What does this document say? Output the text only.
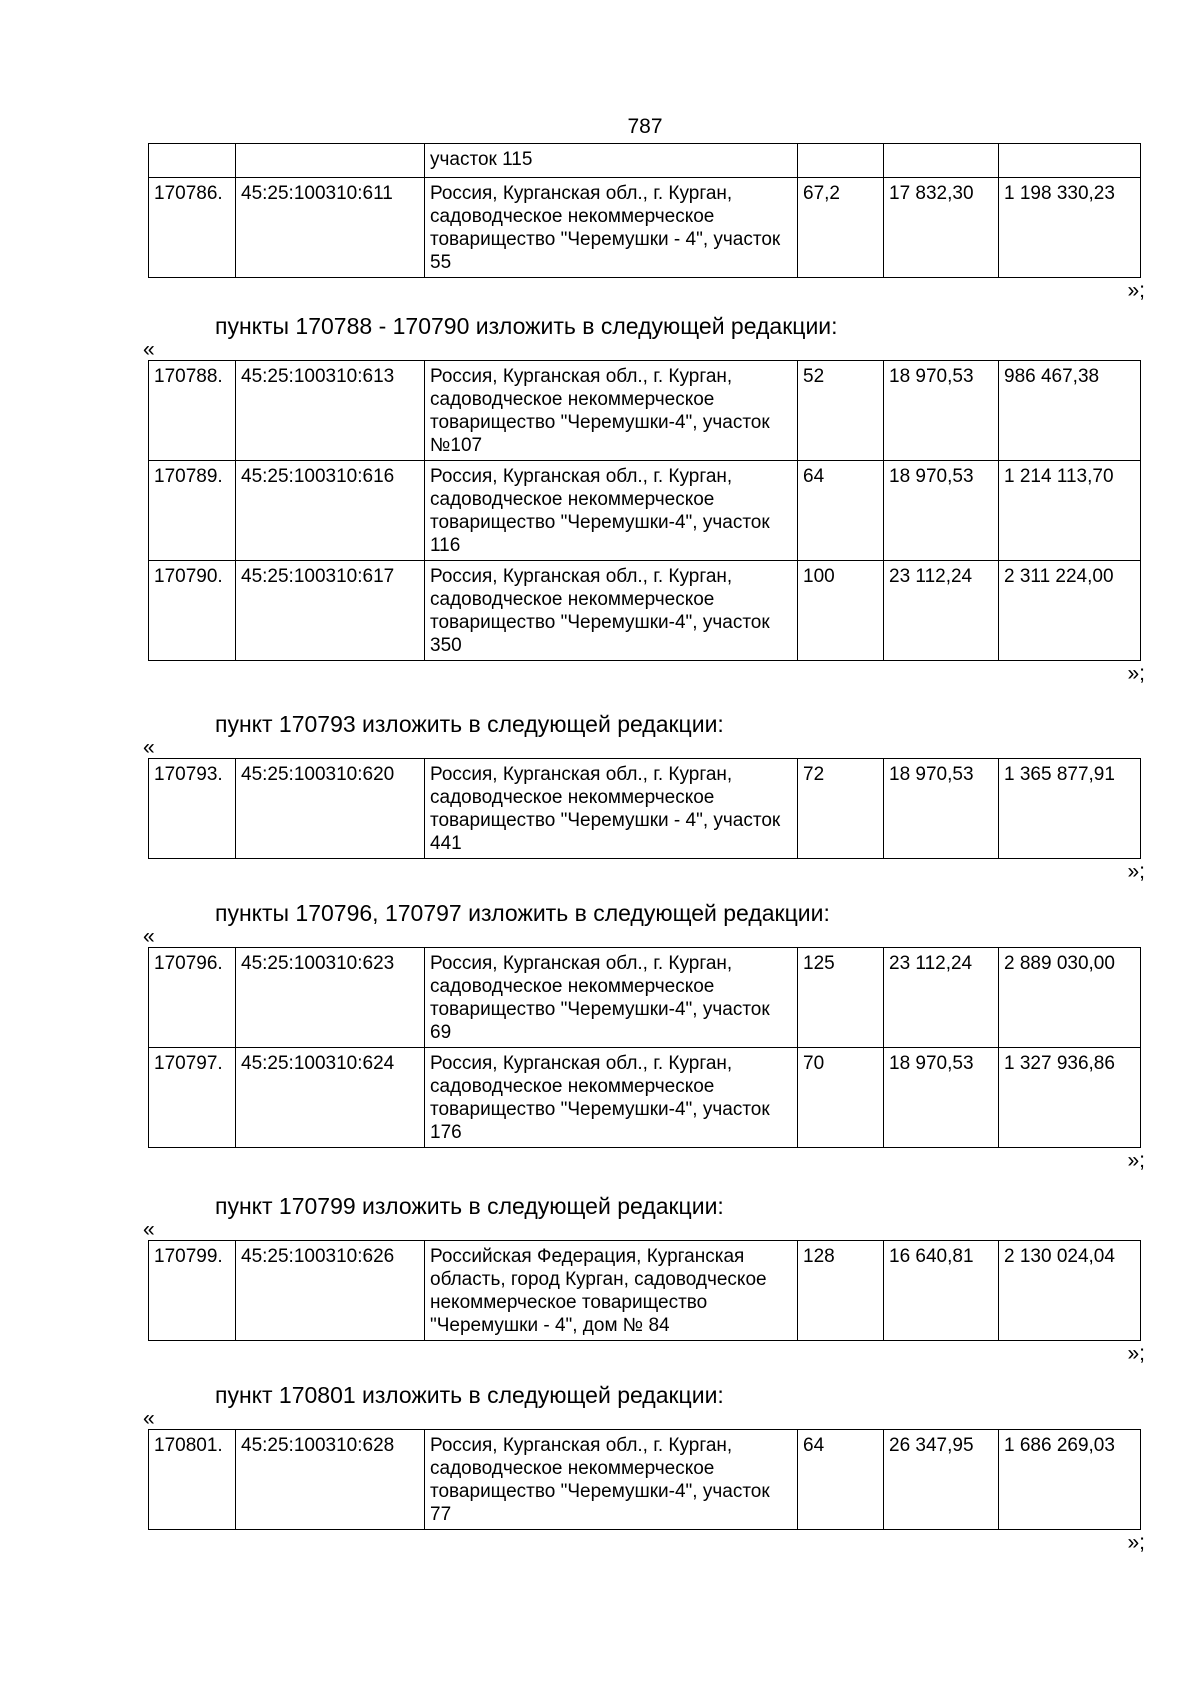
787
		участок 115			
170786.	45:25:100310:611	Россия, Курганская обл., г. Курган, садоводческое некоммерческое товарищество "Черемушки - 4", участок 55	67,2	17 832,30	1 198 330,23
»;
пункты 170788 - 170790 изложить в следующей редакции:
«
170788.	45:25:100310:613	Россия, Курганская обл., г. Курган, садоводческое некоммерческое товарищество "Черемушки-4", участок №107	52	18 970,53	986 467,38
170789.	45:25:100310:616	Россия, Курганская обл., г. Курган, садоводческое некоммерческое товарищество "Черемушки-4", участок 116	64	18 970,53	1 214 113,70
170790.	45:25:100310:617	Россия, Курганская обл., г. Курган, садоводческое некоммерческое товарищество "Черемушки-4", участок 350	100	23 112,24	2 311 224,00
»;
пункт 170793 изложить в следующей редакции:
«
170793.	45:25:100310:620	Россия, Курганская обл., г. Курган, садоводческое некоммерческое товарищество "Черемушки - 4", участок 441	72	18 970,53	1 365 877,91
»;
пункты 170796, 170797 изложить в следующей редакции:
«
170796.	45:25:100310:623	Россия, Курганская обл., г. Курган, садоводческое некоммерческое товарищество "Черемушки-4", участок 69	125	23 112,24	2 889 030,00
170797.	45:25:100310:624	Россия, Курганская обл., г. Курган, садоводческое некоммерческое товарищество "Черемушки-4", участок 176	70	18 970,53	1 327 936,86
»;
пункт 170799 изложить в следующей редакции:
«
170799.	45:25:100310:626	Российская Федерация, Курганская область, город Курган, садоводческое некоммерческое товарищество "Черемушки - 4", дом № 84	128	16 640,81	2 130 024,04
»;
пункт 170801 изложить в следующей редакции:
«
170801.	45:25:100310:628	Россия, Курганская обл., г. Курган, садоводческое некоммерческое товарищество "Черемушки-4", участок 77	64	26 347,95	1 686 269,03
»;
